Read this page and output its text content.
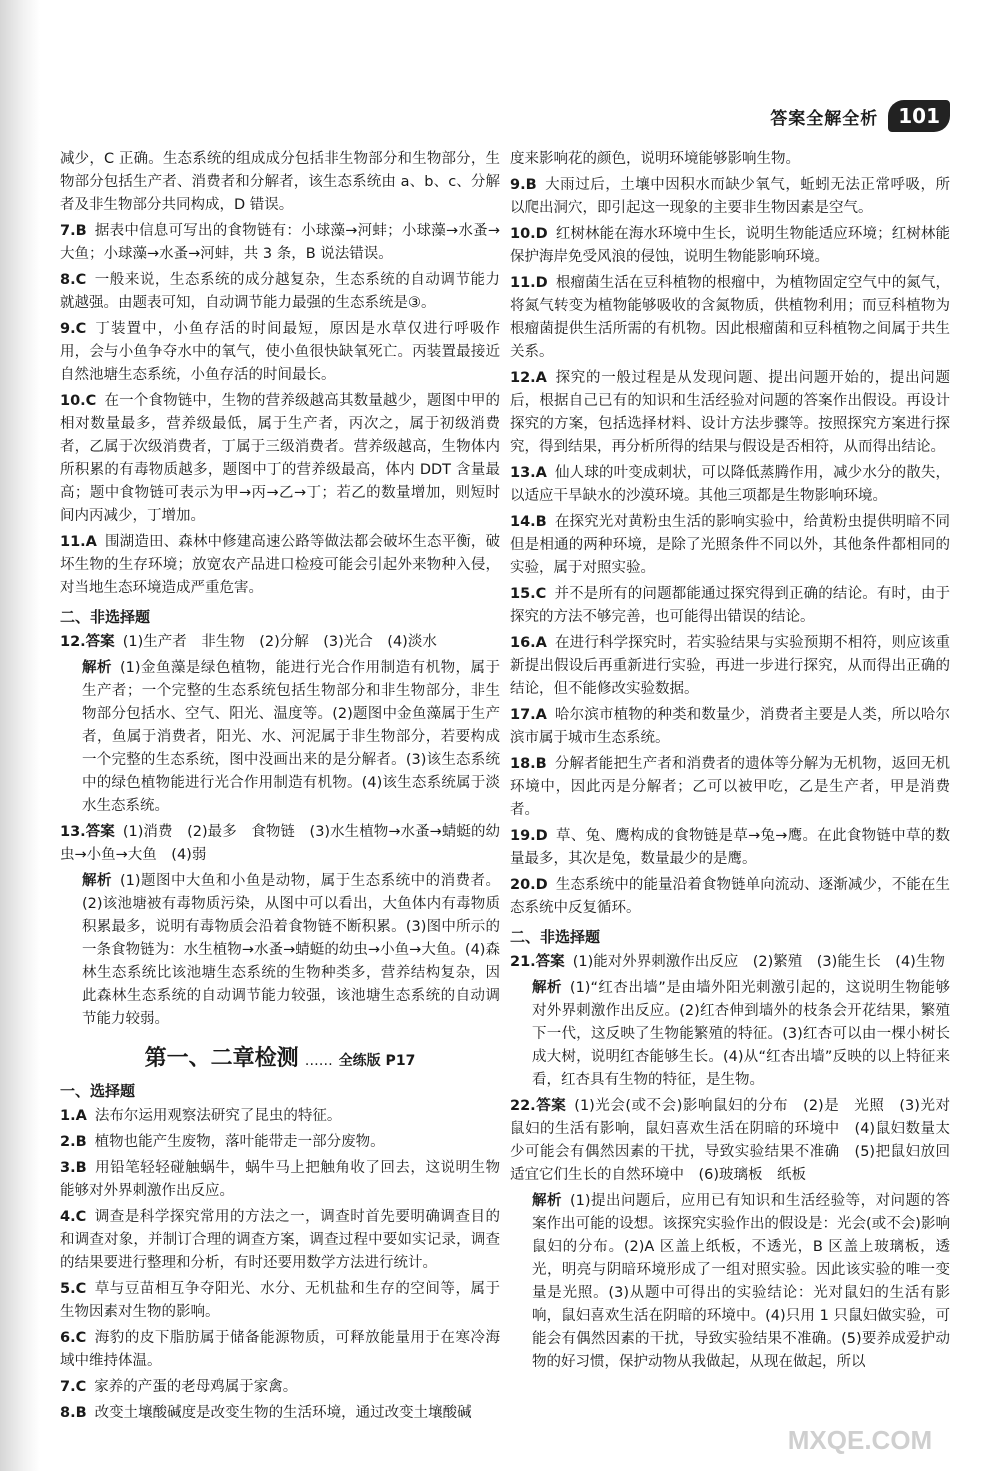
答案全解全析	101

减少，C 正确。生态系统的组成成分包括非生物部分和生物部分，生物部分包括生产者、消费者和分解者，该生态系统由 a、b、c、分解者及非生物部分共同构成，D 错误。

7.B 据表中信息可写出的食物链有：小球藻→河蚌；小球藻→水蚤→大鱼；小球藻→水蚤→河蚌，共 3 条，B 说法错误。

8.C 一般来说，生态系统的成分越复杂，生态系统的自动调节能力就越强。由题表可知，自动调节能力最强的生态系统是③。

9.C 丁装置中，小鱼存活的时间最短，原因是水草仅进行呼吸作用，会与小鱼争夺水中的氧气，使小鱼很快缺氧死亡。丙装置最接近自然池塘生态系统，小鱼存活的时间最长。

10.C 在一个食物链中，生物的营养级越高其数量越少，题图中甲的相对数量最多，营养级最低，属于生产者，丙次之，属于初级消费者，乙属于次级消费者，丁属于三级消费者。营养级越高，生物体内所积累的有毒物质越多，题图中丁的营养级最高，体内 DDT 含量最高；题中食物链可表示为甲→丙→乙→丁；若乙的数量增加，则短时间内丙减少，丁增加。

11.A 围湖造田、森林中修建高速公路等做法都会破坏生态平衡，破坏生物的生存环境；放宽农产品进口检疫可能会引起外来物种入侵，对当地生态环境造成严重危害。

二、非选择题

12.答案 (1)生产者　非生物　(2)分解　(3)光合　(4)淡水

解析 (1)金鱼藻是绿色植物，能进行光合作用制造有机物，属于生产者；一个完整的生态系统包括生物部分和非生物部分，非生物部分包括水、空气、阳光、温度等。(2)题图中金鱼藻属于生产者，鱼属于消费者，阳光、水、河泥属于非生物部分，若要构成一个完整的生态系统，图中没画出来的是分解者。(3)该生态系统中的绿色植物能进行光合作用制造有机物。(4)该生态系统属于淡水生态系统。

13.答案 (1)消费　(2)最多　食物链　(3)水生植物→水蚤→蜻蜓的幼虫→小鱼→大鱼　(4)弱

解析 (1)题图中大鱼和小鱼是动物，属于生态系统中的消费者。(2)该池塘被有毒物质污染，从图中可以看出，大鱼体内有毒物质积累最多，说明有毒物质会沿着食物链不断积累。(3)图中所示的一条食物链为：水生植物→水蚤→蜻蜓的幼虫→小鱼→大鱼。(4)森林生态系统比该池塘生态系统的生物种类多，营养结构复杂，因此森林生态系统的自动调节能力较强，该池塘生态系统的自动调节能力较弱。

第一、二章检测 …… 全练版 P17
一、选择题

1.A 法布尔运用观察法研究了昆虫的特征。

2.B 植物也能产生废物，落叶能带走一部分废物。

3.B 用铅笔轻轻碰触蜗牛，蜗牛马上把触角收了回去，这说明生物能够对外界刺激作出反应。

4.C 调查是科学探究常用的方法之一，调查时首先要明确调查目的和调查对象，并制订合理的调查方案，调查过程中要如实记录，调查的结果要进行整理和分析，有时还要用数学方法进行统计。

5.C 草与豆苗相互争夺阳光、水分、无机盐和生存的空间等，属于生物因素对生物的影响。

6.C 海豹的皮下脂肪属于储备能源物质，可释放能量用于在寒冷海域中维持体温。

7.C 家养的产蛋的老母鸡属于家禽。

8.B 改变土壤酸碱度是改变生物的生活环境，通过改变土壤酸碱

度来影响花的颜色，说明环境能够影响生物。

9.B 大雨过后，土壤中因积水而缺少氧气，蚯蚓无法正常呼吸，所以爬出洞穴，即引起这一现象的主要非生物因素是空气。

10.D 红树林能在海水环境中生长，说明生物能适应环境；红树林能保护海岸免受风浪的侵蚀，说明生物能影响环境。

11.D 根瘤菌生活在豆科植物的根瘤中，为植物固定空气中的氮气，将氮气转变为植物能够吸收的含氮物质，供植物利用；而豆科植物为根瘤菌提供生活所需的有机物。因此根瘤菌和豆科植物之间属于共生关系。

12.A 探究的一般过程是从发现问题、提出问题开始的，提出问题后，根据自己已有的知识和生活经验对问题的答案作出假设。再设计探究的方案，包括选择材料、设计方法步骤等。按照探究方案进行探究，得到结果，再分析所得的结果与假设是否相符，从而得出结论。

13.A 仙人球的叶变成刺状，可以降低蒸腾作用，减少水分的散失，以适应干旱缺水的沙漠环境。其他三项都是生物影响环境。

14.B 在探究光对黄粉虫生活的影响实验中，给黄粉虫提供明暗不同但是相通的两种环境，是除了光照条件不同以外，其他条件都相同的实验，属于对照实验。

15.C 并不是所有的问题都能通过探究得到正确的结论。有时，由于探究的方法不够完善，也可能得出错误的结论。

16.A 在进行科学探究时，若实验结果与实验预期不相符，则应该重新提出假设后再重新进行实验，再进一步进行探究，从而得出正确的结论，但不能修改实验数据。

17.A 哈尔滨市植物的种类和数量少，消费者主要是人类，所以哈尔滨市属于城市生态系统。

18.B 分解者能把生产者和消费者的遗体等分解为无机物，返回无机环境中，因此丙是分解者；乙可以被甲吃，乙是生产者，甲是消费者。

19.D 草、兔、鹰构成的食物链是草→兔→鹰。在此食物链中草的数量最多，其次是兔，数量最少的是鹰。

20.D 生态系统中的能量沿着食物链单向流动、逐渐减少，不能在生态系统中反复循环。

二、非选择题

21.答案 (1)能对外界刺激作出反应　(2)繁殖　(3)能生长　(4)生物

解析 (1)“红杏出墙”是由墙外阳光刺激引起的，这说明生物能够对外界刺激作出反应。(2)红杏伸到墙外的枝条会开花结果，繁殖下一代，这反映了生物能繁殖的特征。(3)红杏可以由一棵小树长成大树，说明红杏能够生长。(4)从“红杏出墙”反映的以上特征来看，红杏具有生物的特征，是生物。

22.答案 (1)光会(或不会)影响鼠妇的分布　(2)是　光照　(3)光对鼠妇的生活有影响，鼠妇喜欢生活在阴暗的环境中　(4)鼠妇数量太少可能会有偶然因素的干扰，导致实验结果不准确　(5)把鼠妇放回适宜它们生长的自然环境中　(6)玻璃板　纸板

解析 (1)提出问题后，应用已有知识和生活经验等，对问题的答案作出可能的设想。该探究实验作出的假设是：光会(或不会)影响鼠妇的分布。(2)A 区盖上纸板，不透光，B 区盖上玻璃板，透光，明亮与阴暗环境形成了一组对照实验。因此该实验的唯一变量是光照。(3)从题中可得出的实验结论：光对鼠妇的生活有影响，鼠妇喜欢生活在阴暗的环境中。(4)只用 1 只鼠妇做实验，可能会有偶然因素的干扰，导致实验结果不准确。(5)要养成爱护动物的好习惯，保护动物从我做起，从现在做起，所以

MXQE.COM
